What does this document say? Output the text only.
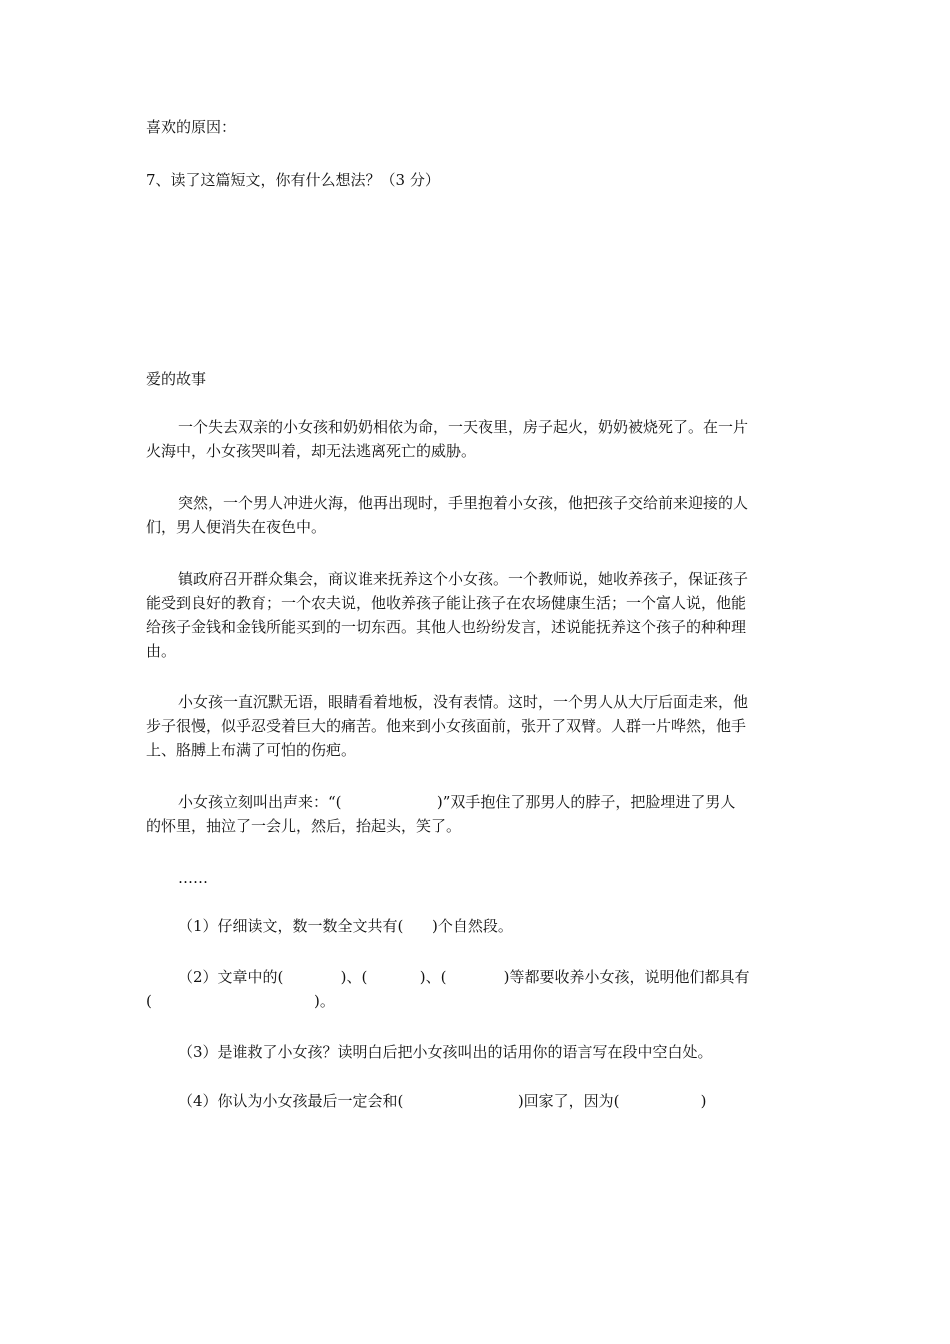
喜欢的原因：
7、读了这篇短文，你有什么想法？（3 分）
爱的故事
一个失去双亲的小女孩和奶奶相依为命，一天夜里，房子起火，奶奶被烧死了。在一片
火海中，小女孩哭叫着，却无法逃离死亡的威胁。
突然，一个男人冲进火海，他再出现时，手里抱着小女孩，他把孩子交给前来迎接的人
们，男人便消失在夜色中。
镇政府召开群众集会，商议谁来抚养这个小女孩。一个教师说，她收养孩子，保证孩子
能受到良好的教育；一个农夫说，他收养孩子能让孩子在农场健康生活；一个富人说，他能
给孩子金钱和金钱所能买到的一切东西。其他人也纷纷发言，述说能抚养这个孩子的种种理
由。
小女孩一直沉默无语，眼睛看着地板，没有表情。这时，一个男人从大厅后面走来，他
步子很慢，似乎忍受着巨大的痛苦。他来到小女孩面前，张开了双臂。人群一片哗然，他手
上、胳膊上布满了可怕的伤疤。
小女孩立刻叫出声来：“(                    )”双手抱住了那男人的脖子，把脸埋进了男人
的怀里，抽泣了一会儿，然后，抬起头，笑了。
……
（1）仔细读文，数一数全文共有(      )个自然段。
（2）文章中的(            )、(           )、(            )等都要收养小女孩，说明他们都具有
(                                  )。
（3）是谁救了小女孩？读明白后把小女孩叫出的话用你的语言写在段中空白处。
（4）你认为小女孩最后一定会和(                        )回家了，因为(                 )
